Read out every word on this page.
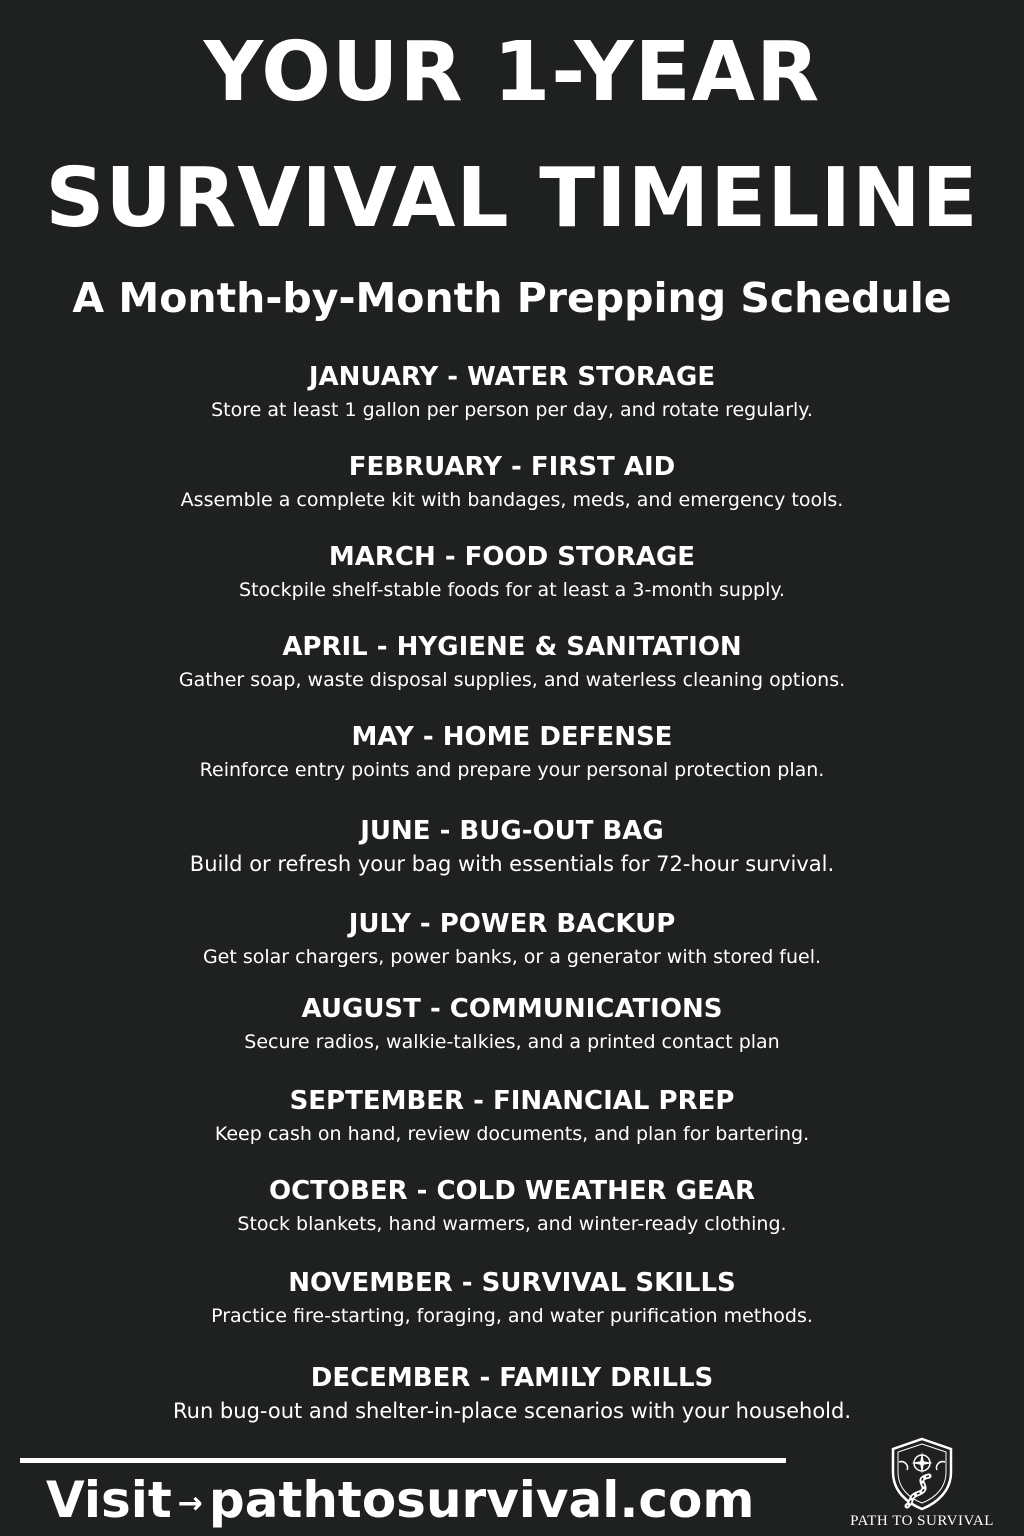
YOUR 1-YEAR
SURVIVAL TIMELINE
A Month-by-Month Prepping Schedule
JANUARY - WATER STORAGE
Store at least 1 gallon per person per day, and rotate regularly.
FEBRUARY - FIRST AID
Assemble a complete kit with bandages, meds, and emergency tools.
MARCH - FOOD STORAGE
Stockpile shelf-stable foods for at least a 3-month supply.
APRIL - HYGIENE & SANITATION
Gather soap, waste disposal supplies, and waterless cleaning options.
MAY - HOME DEFENSE
Reinforce entry points and prepare your personal protection plan.
JUNE - BUG-OUT BAG
Build or refresh your bag with essentials for 72-hour survival.
JULY - POWER BACKUP
Get solar chargers, power banks, or a generator with stored fuel.
AUGUST - COMMUNICATIONS
Secure radios, walkie-talkies, and a printed contact plan
SEPTEMBER - FINANCIAL PREP
Keep cash on hand, review documents, and plan for bartering.
OCTOBER - COLD WEATHER GEAR
Stock blankets, hand warmers, and winter-ready clothing.
NOVEMBER - SURVIVAL SKILLS
Practice fire-starting, foraging, and water purification methods.
DECEMBER - FAMILY DRILLS
Run bug-out and shelter-in-place scenarios with your household.
Visit → pathtosurvival.com	PATH TO SURVIVAL
